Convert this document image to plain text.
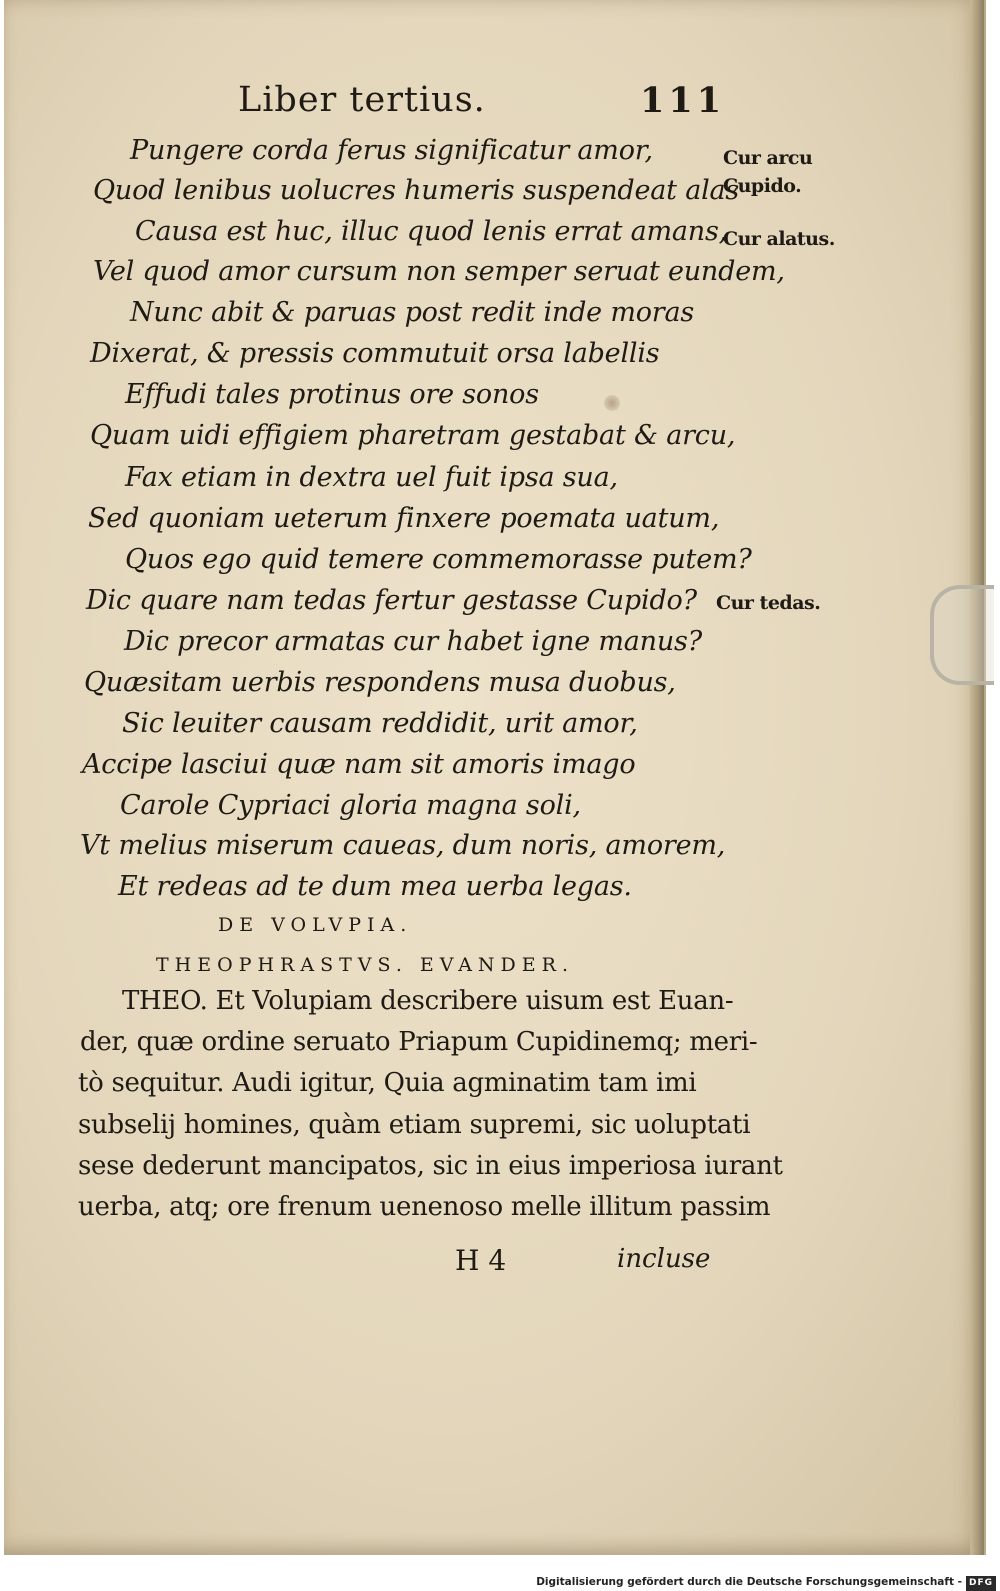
Liber tertius.	111
Pungere corda ferus significatur amor,
Quod lenibus uolucres humeris suspendeat alas
Causa est huc, illuc quod lenis errat amans,
Vel quod amor cursum non semper seruat eundem,
Nunc abit & paruas post redit inde moras
Dixerat, & pressis commutuit orsa labellis
Effudi tales protinus ore sonos
Quam uidi effigiem pharetram gestabat & arcu,
Fax etiam in dextra uel fuit ipsa sua,
Sed quoniam ueterum finxere poemata uatum,
Quos ego quid temere commemorasse putem?
Dic quare nam tedas fertur gestasse Cupido?
Dic precor armatas cur habet igne manus?
Quæsitam uerbis respondens musa duobus,
Sic leuiter causam reddidit, urit amor,
Accipe lasciui quæ nam sit amoris imago
Carole Cypriaci gloria magna soli,
Vt melius miserum caueas, dum noris, amorem,
Et redeas ad te dum mea uerba legas.
Cur arcu
Cupido.
Cur alatus.
Cur tedas.
DE VOLVPIA.
THEOPHRASTVS. EVANDER.
THEO. Et Volupiam describere uisum est Euan-
der, quæ ordine seruato Priapum Cupidinemq; meri-
tò sequitur. Audi igitur, Quia agminatim tam imi
subselij homines, quàm etiam supremi, sic uoluptati
sese dederunt mancipatos, sic in eius imperiosa iurant
uerba, atq; ore frenum uenenoso melle illitum passim
H 4	incluse
Digitalisierung gefördert durch die Deutsche Forschungsgemeinschaft - DFG
